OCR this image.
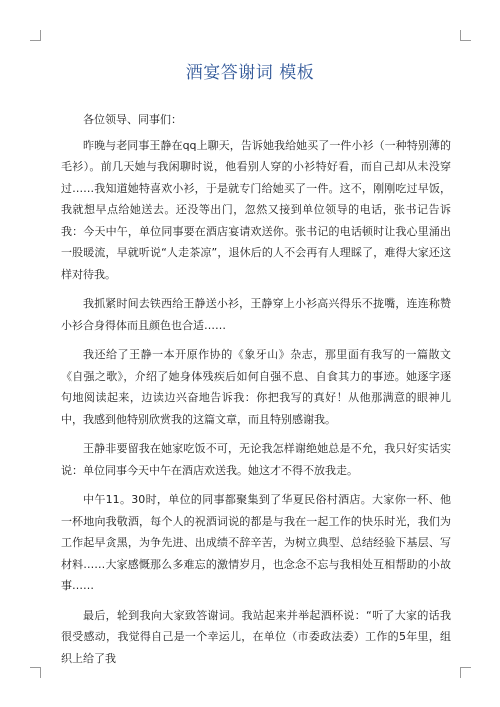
酒宴答谢词 模板

各位领导、同事们：

昨晚与老同事王静在qq上聊天，告诉她我给她买了一件小衫（一种特别薄的毛衫）。前几天她与我闲聊时说，他看别人穿的小衫特好看，而自己却从未没穿过……我知道她特喜欢小衫，于是就专门给她买了一件。这不，刚刚吃过早饭，我就想早点给她送去。还没等出门，忽然又接到单位领导的电话，张书记告诉我：今天中午，单位同事要在酒店宴请欢送你。张书记的电话顿时让我心里涌出一股暖流，早就听说“人走茶凉”，退休后的人不会再有人理睬了，难得大家还这样对待我。

我抓紧时间去铁西给王静送小衫，王静穿上小衫高兴得乐不拢嘴，连连称赞小衫合身得体而且颜色也合适……

我还给了王静一本开原作协的《象牙山》杂志，那里面有我写的一篇散文《自强之歌》，介绍了她身体残疾后如何自强不息、自食其力的事迹。她逐字逐句地阅读起来，边读边兴奋地告诉我：你把我写的真好！从他那满意的眼神儿中，我感到他特别欣赏我的这篇文章，而且特别感谢我。

王静非要留我在她家吃饭不可，无论我怎样谢绝她总是不允，我只好实话实说：单位同事今天中午在酒店欢送我。她这才不得不放我走。

中午11。30时，单位的同事都聚集到了华夏民俗村酒店。大家你一杯、他一杯地向我敬酒，每个人的祝酒词说的都是与我在一起工作的快乐时光，我们为工作起早贪黑，为争先进、出成绩不辞辛苦，为树立典型、总结经验下基层、写材料……大家感慨那么多难忘的激情岁月，也念念不忘与我相处互相帮助的小故事……

最后，轮到我向大家致答谢词。我站起来并举起酒杯说：“听了大家的话我很受感动，我觉得自己是一个幸运儿，在单位（市委政法委）工作的5年里，组织上给了我
